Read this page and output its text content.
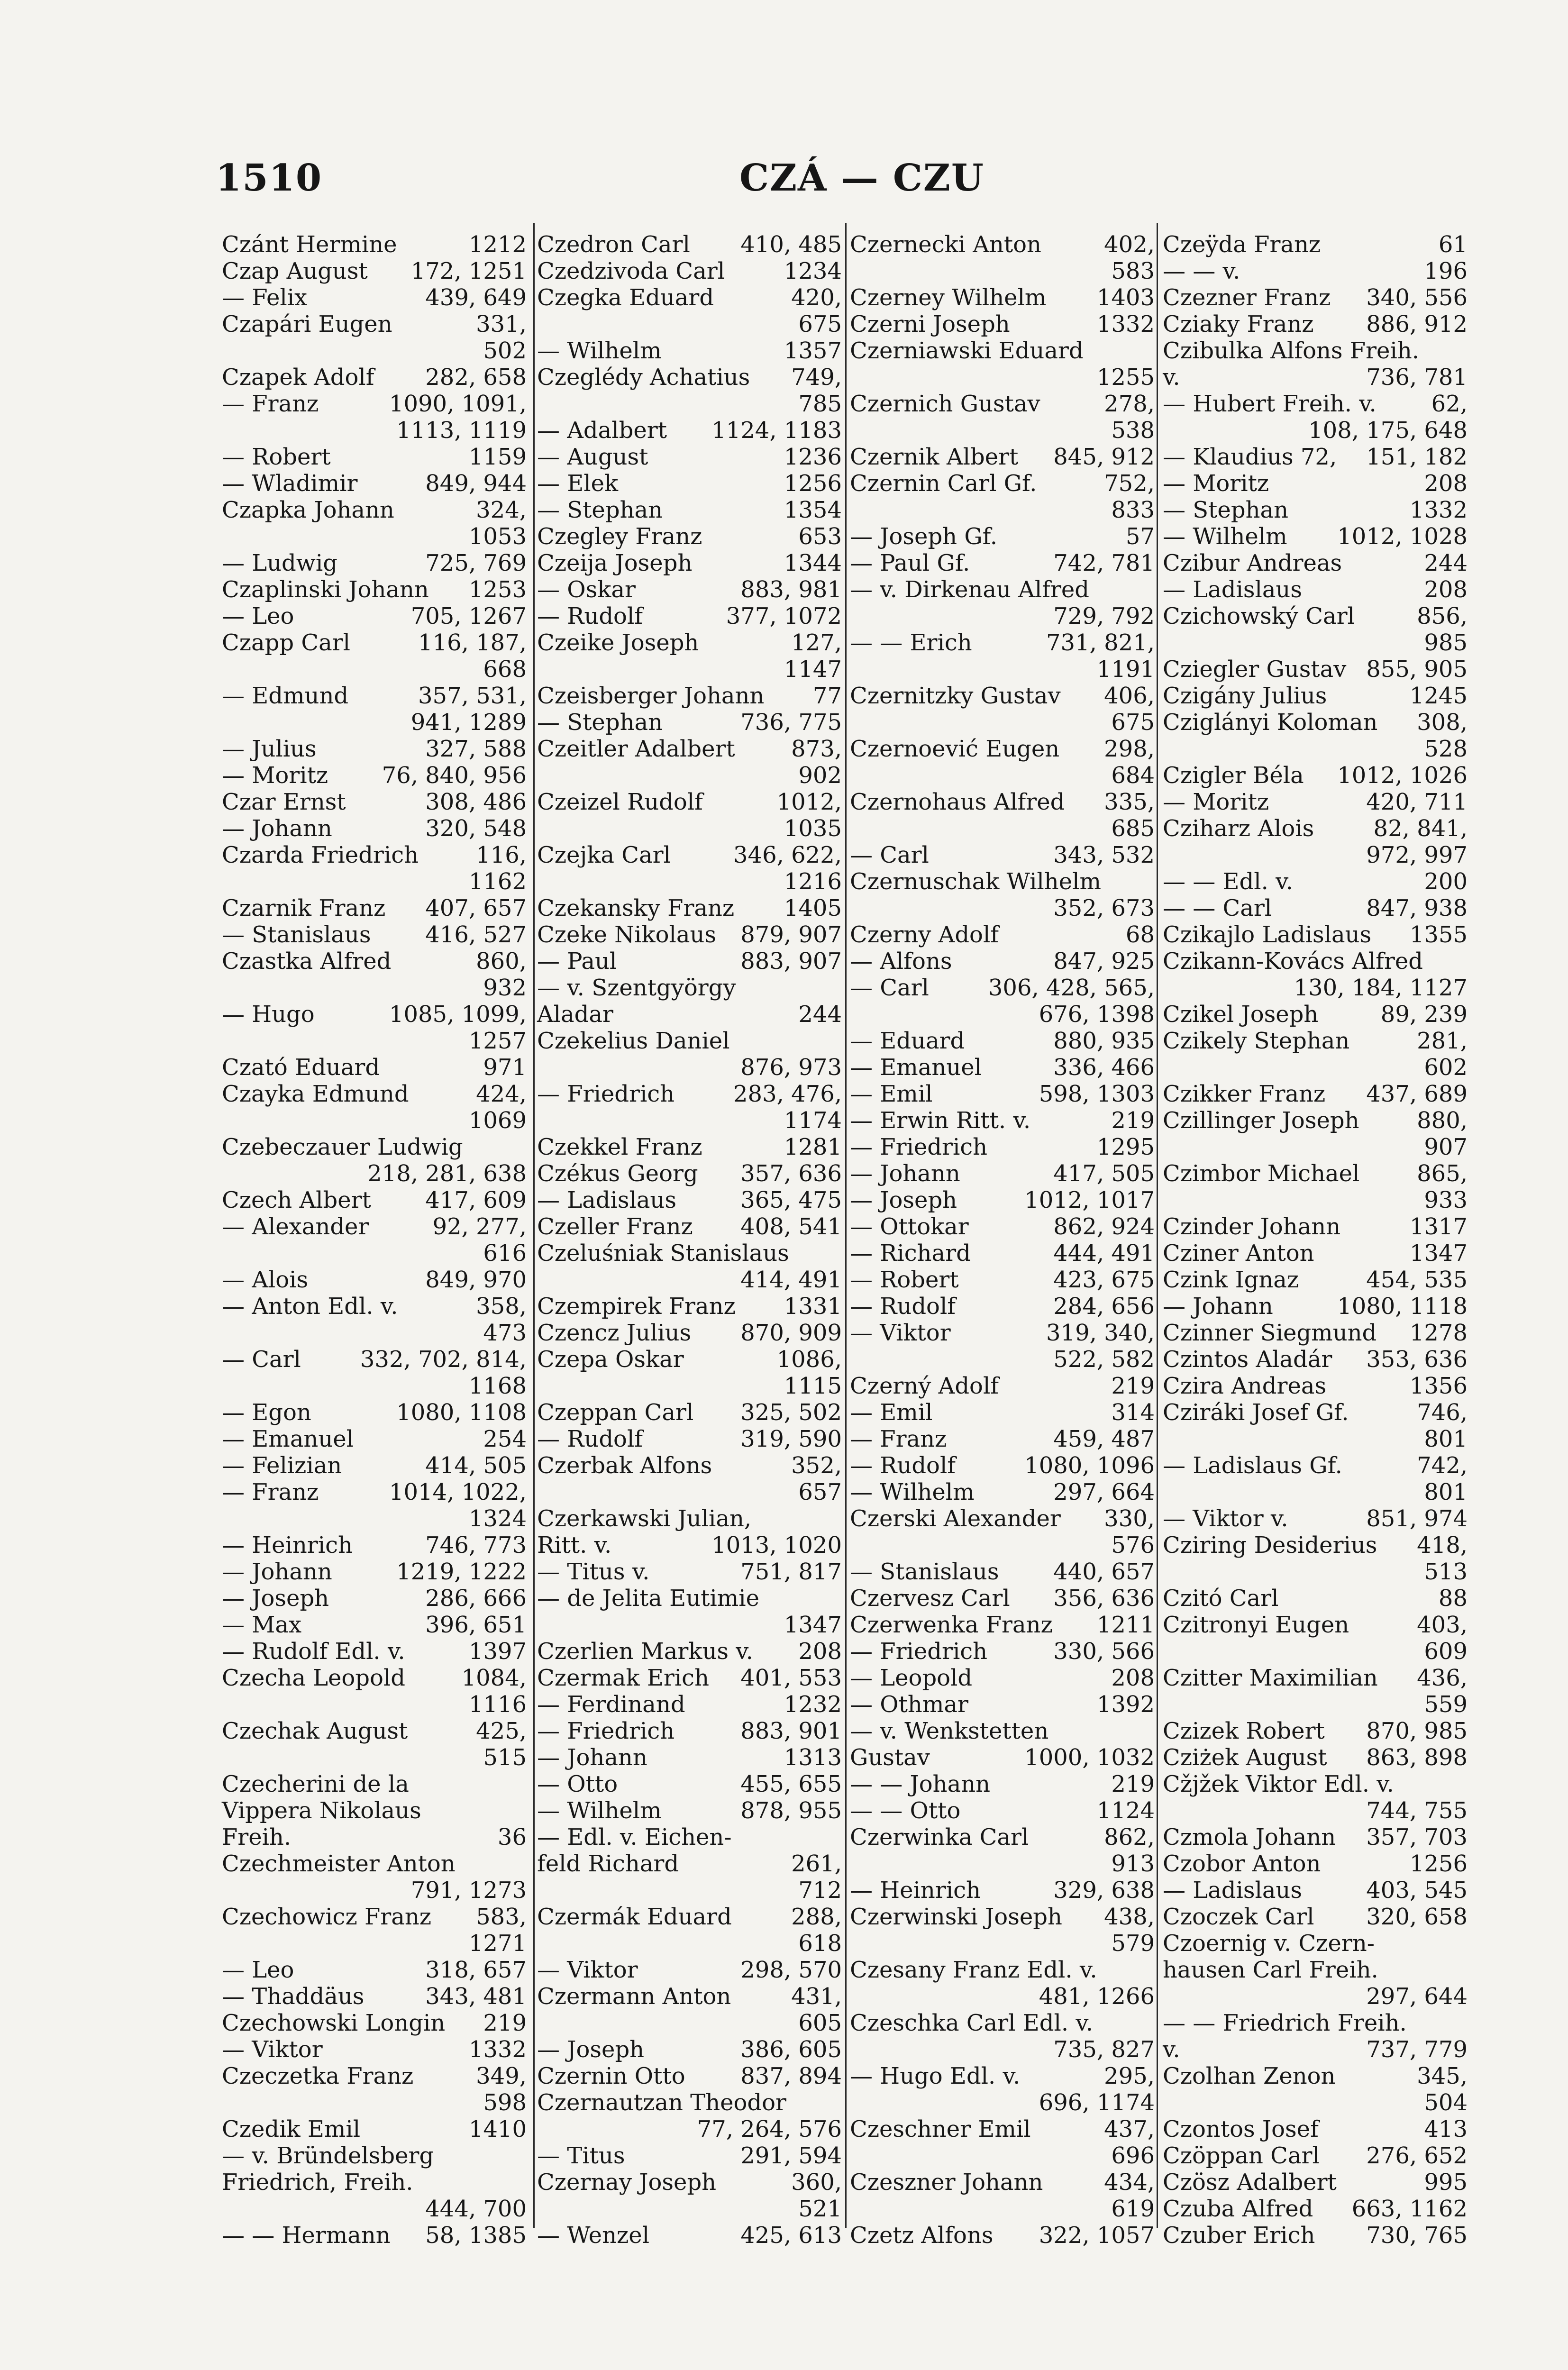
1510	CZÁ — CZU
Czánt Hermine	1212
Czap August 172, 1251
— Felix	439, 649
Czapári Eugen	331,
502
Czapek Adolf 282, 658
— Franz	1090, 1091,
1113, 1119
— Robert	1159
— Wladimir	849, 944
Czapka Johann	324,
1053
— Ludwig	725, 769
Czaplinski Johann 1253
— Leo	705, 1267
Czapp Carl	116, 187,
668
— Edmund	357, 531,
941, 1289
— Julius	327, 588
— Moritz 76, 840, 956
Czar Ernst	308, 486
— Johann	320, 548
Czarda Friedrich	116,
1162
Czarnik Franz 407, 657
— Stanislaus 416, 527
Czastka Alfred	860,
932
— Hugo	1085, 1099,
1257
Czató Eduard	971
Czayka Edmund	424,
1069
Czebeczauer Ludwig
218, 281, 638
Czech Albert 417, 609
— Alexander	92, 277,
616
— Alois	849, 970
— Anton Edl. v.	358,
473
— Carl	332, 702, 814,
1168
— Egon	1080, 1108
— Emanuel	254
— Felizian	414, 505
— Franz	1014, 1022,
1324
— Heinrich	746, 773
— Johann	1219, 1222
— Joseph	286, 666
— Max	396, 651
— Rudolf Edl. v.	1397
Czecha Leopold 1084,
1116
Czechak August	425,
515
Czecherini de la
Vippera Nikolaus
Freih.	36
Czechmeister Anton
791, 1273
Czechowicz Franz 583,
1271
— Leo	318, 657
— Thaddäus	343, 481
Czechowski Longin 219
— Viktor	1332
Czeczetka Franz	349,
598
Czedik Emil	1410
— v. Bründelsberg
Friedrich, Freih.
444, 700
— — Hermann 58, 1385
Czedron Carl 410, 485
Czedzivoda Carl	1234
Czegka Eduard	420,
675
— Wilhelm	1357
Czeglédy Achatius 749,
785
— Adalbert 1124, 1183
— August	1236
— Elek	1256
— Stephan	1354
Czegley Franz	653
Czeija Joseph	1344
— Oskar	883, 981
— Rudolf	377, 1072
Czeike Joseph	127,
1147
Czeisberger Johann 77
— Stephan	736, 775
Czeitler Adalbert 873,
902
Czeizel Rudolf	1012,
1035
Czejka Carl	346, 622,
1216
Czekansky Franz 1405
Czeke Nikolaus 879, 907
— Paul	883, 907
— v. Szentgyörgy
Aladar	244
Czekelius Daniel
876, 973
— Friedrich	283, 476,
1174
Czekkel Franz	1281
Czékus Georg 357, 636
— Ladislaus	365, 475
Czeller Franz 408, 541
Czeluśniak Stanislaus
414, 491
Czempirek Franz 1331
Czencz Julius 870, 909
Czepa Oskar	1086,
1115
Czeppan Carl 325, 502
— Rudolf	319, 590
Czerbak Alfons	352,
657
Czerkawski Julian,
Ritt. v.	1013, 1020
— Titus v.	751, 817
— de Jelita Eutimie
1347
Czerlien Markus v. 208
Czermak Erich 401, 553
— Ferdinand	1232
— Friedrich	883, 901
— Johann	1313
— Otto	455, 655
— Wilhelm	878, 955
— Edl. v. Eichen-
feld Richard	261,
712
Czermák Eduard	288,
618
— Viktor	298, 570
Czermann Anton	431,
605
— Joseph	386, 605
Czernin Otto 837, 894
Czernautzan Theodor
77, 264, 576
— Titus	291, 594
Czernay Joseph	360,
521
— Wenzel	425, 613
Czernecki Anton	402,
583
Czerney Wilhelm 1403
Czerni Joseph	1332
Czerniawski Eduard
1255
Czernich Gustav	278,
538
Czernik Albert 845, 912
Czernin Carl Gf.	752,
833
— Joseph Gf.	57
— Paul Gf.	742, 781
— v. Dirkenau Alfred
729, 792
— — Erich	731, 821,
1191
Czernitzky Gustav 406,
675
Czernoević Eugen 298,
684
Czernohaus Alfred 335,
685
— Carl	343, 532
Czernuschak Wilhelm
352, 673
Czerny Adolf	68
— Alfons	847, 925
— Carl	306, 428, 565,
676, 1398
— Eduard	880, 935
— Emanuel	336, 466
— Emil	598, 1303
— Erwin Ritt. v.	219
— Friedrich	1295
— Johann	417, 505
— Joseph	1012, 1017
— Ottokar	862, 924
— Richard	444, 491
— Robert	423, 675
— Rudolf	284, 656
— Viktor	319, 340,
522, 582
Czerný Adolf	219
— Emil	314
— Franz	459, 487
— Rudolf	1080, 1096
— Wilhelm	297, 664
Czerski Alexander 330,
576
— Stanislaus 440, 657
Czervesz Carl 356, 636
Czerwenka Franz 1211
— Friedrich	330, 566
— Leopold	208
— Othmar	1392
— v. Wenkstetten
Gustav	1000, 1032
— — Johann	219
— — Otto	1124
Czerwinka Carl	862,
913
— Heinrich	329, 638
Czerwinski Joseph 438,
579
Czesany Franz Edl. v.
481, 1266
Czeschka Carl Edl. v.
735, 827
— Hugo Edl. v.	295,
696, 1174
Czeschner Emil	437,
696
Czeszner Johann	434,
619
Czetz Alfons 322, 1057
Czeÿda Franz	61
— — v.	196
Czezner Franz 340, 556
Cziaky Franz 886, 912
Czibulka Alfons Freih.
v.	736, 781
— Hubert Freih. v. 62,
108, 175, 648
— Klaudius 72, 151, 182
— Moritz	208
— Stephan	1332
— Wilhelm 1012, 1028
Czibur Andreas	244
— Ladislaus	208
Czichowský Carl	856,
985
Cziegler Gustav 855, 905
Czigány Julius	1245
Cziglányi Koloman 308,
528
Czigler Béla 1012, 1026
— Moritz	420, 711
Cziharz Alois	82, 841,
972, 997
— — Edl. v.	200
— — Carl	847, 938
Czikajlo Ladislaus 1355
Czikann-Kovács Alfred
130, 184, 1127
Czikel Joseph	89, 239
Czikely Stephan	281,
602
Czikker Franz 437, 689
Czillinger Joseph	880,
907
Czimbor Michael	865,
933
Czinder Johann	1317
Cziner Anton	1347
Czink Ignaz	454, 535
— Johann	1080, 1118
Czinner Siegmund 1278
Czintos Aladár 353, 636
Czira Andreas	1356
Cziráki Josef Gf.	746,
801
— Ladislaus Gf.	742,
801
— Viktor v.	851, 974
Cziring Desiderius 418,
513
Czitó Carl	88
Czitronyi Eugen	403,
609
Czitter Maximilian 436,
559
Czizek Robert 870, 985
Cziżek August 863, 898
Cžjžek Viktor Edl. v.
744, 755
Czmola Johann 357, 703
Czobor Anton	1256
— Ladislaus	403, 545
Czoczek Carl 320, 658
Czoernig v. Czern-
hausen Carl Freih.
297, 644
— — Friedrich Freih.
v.	737, 779
Czolhan Zenon	345,
504
Czontos Josef	413
Czöppan Carl 276, 652
Czösz Adalbert	995
Czuba Alfred 663, 1162
Czuber Erich 730, 765
